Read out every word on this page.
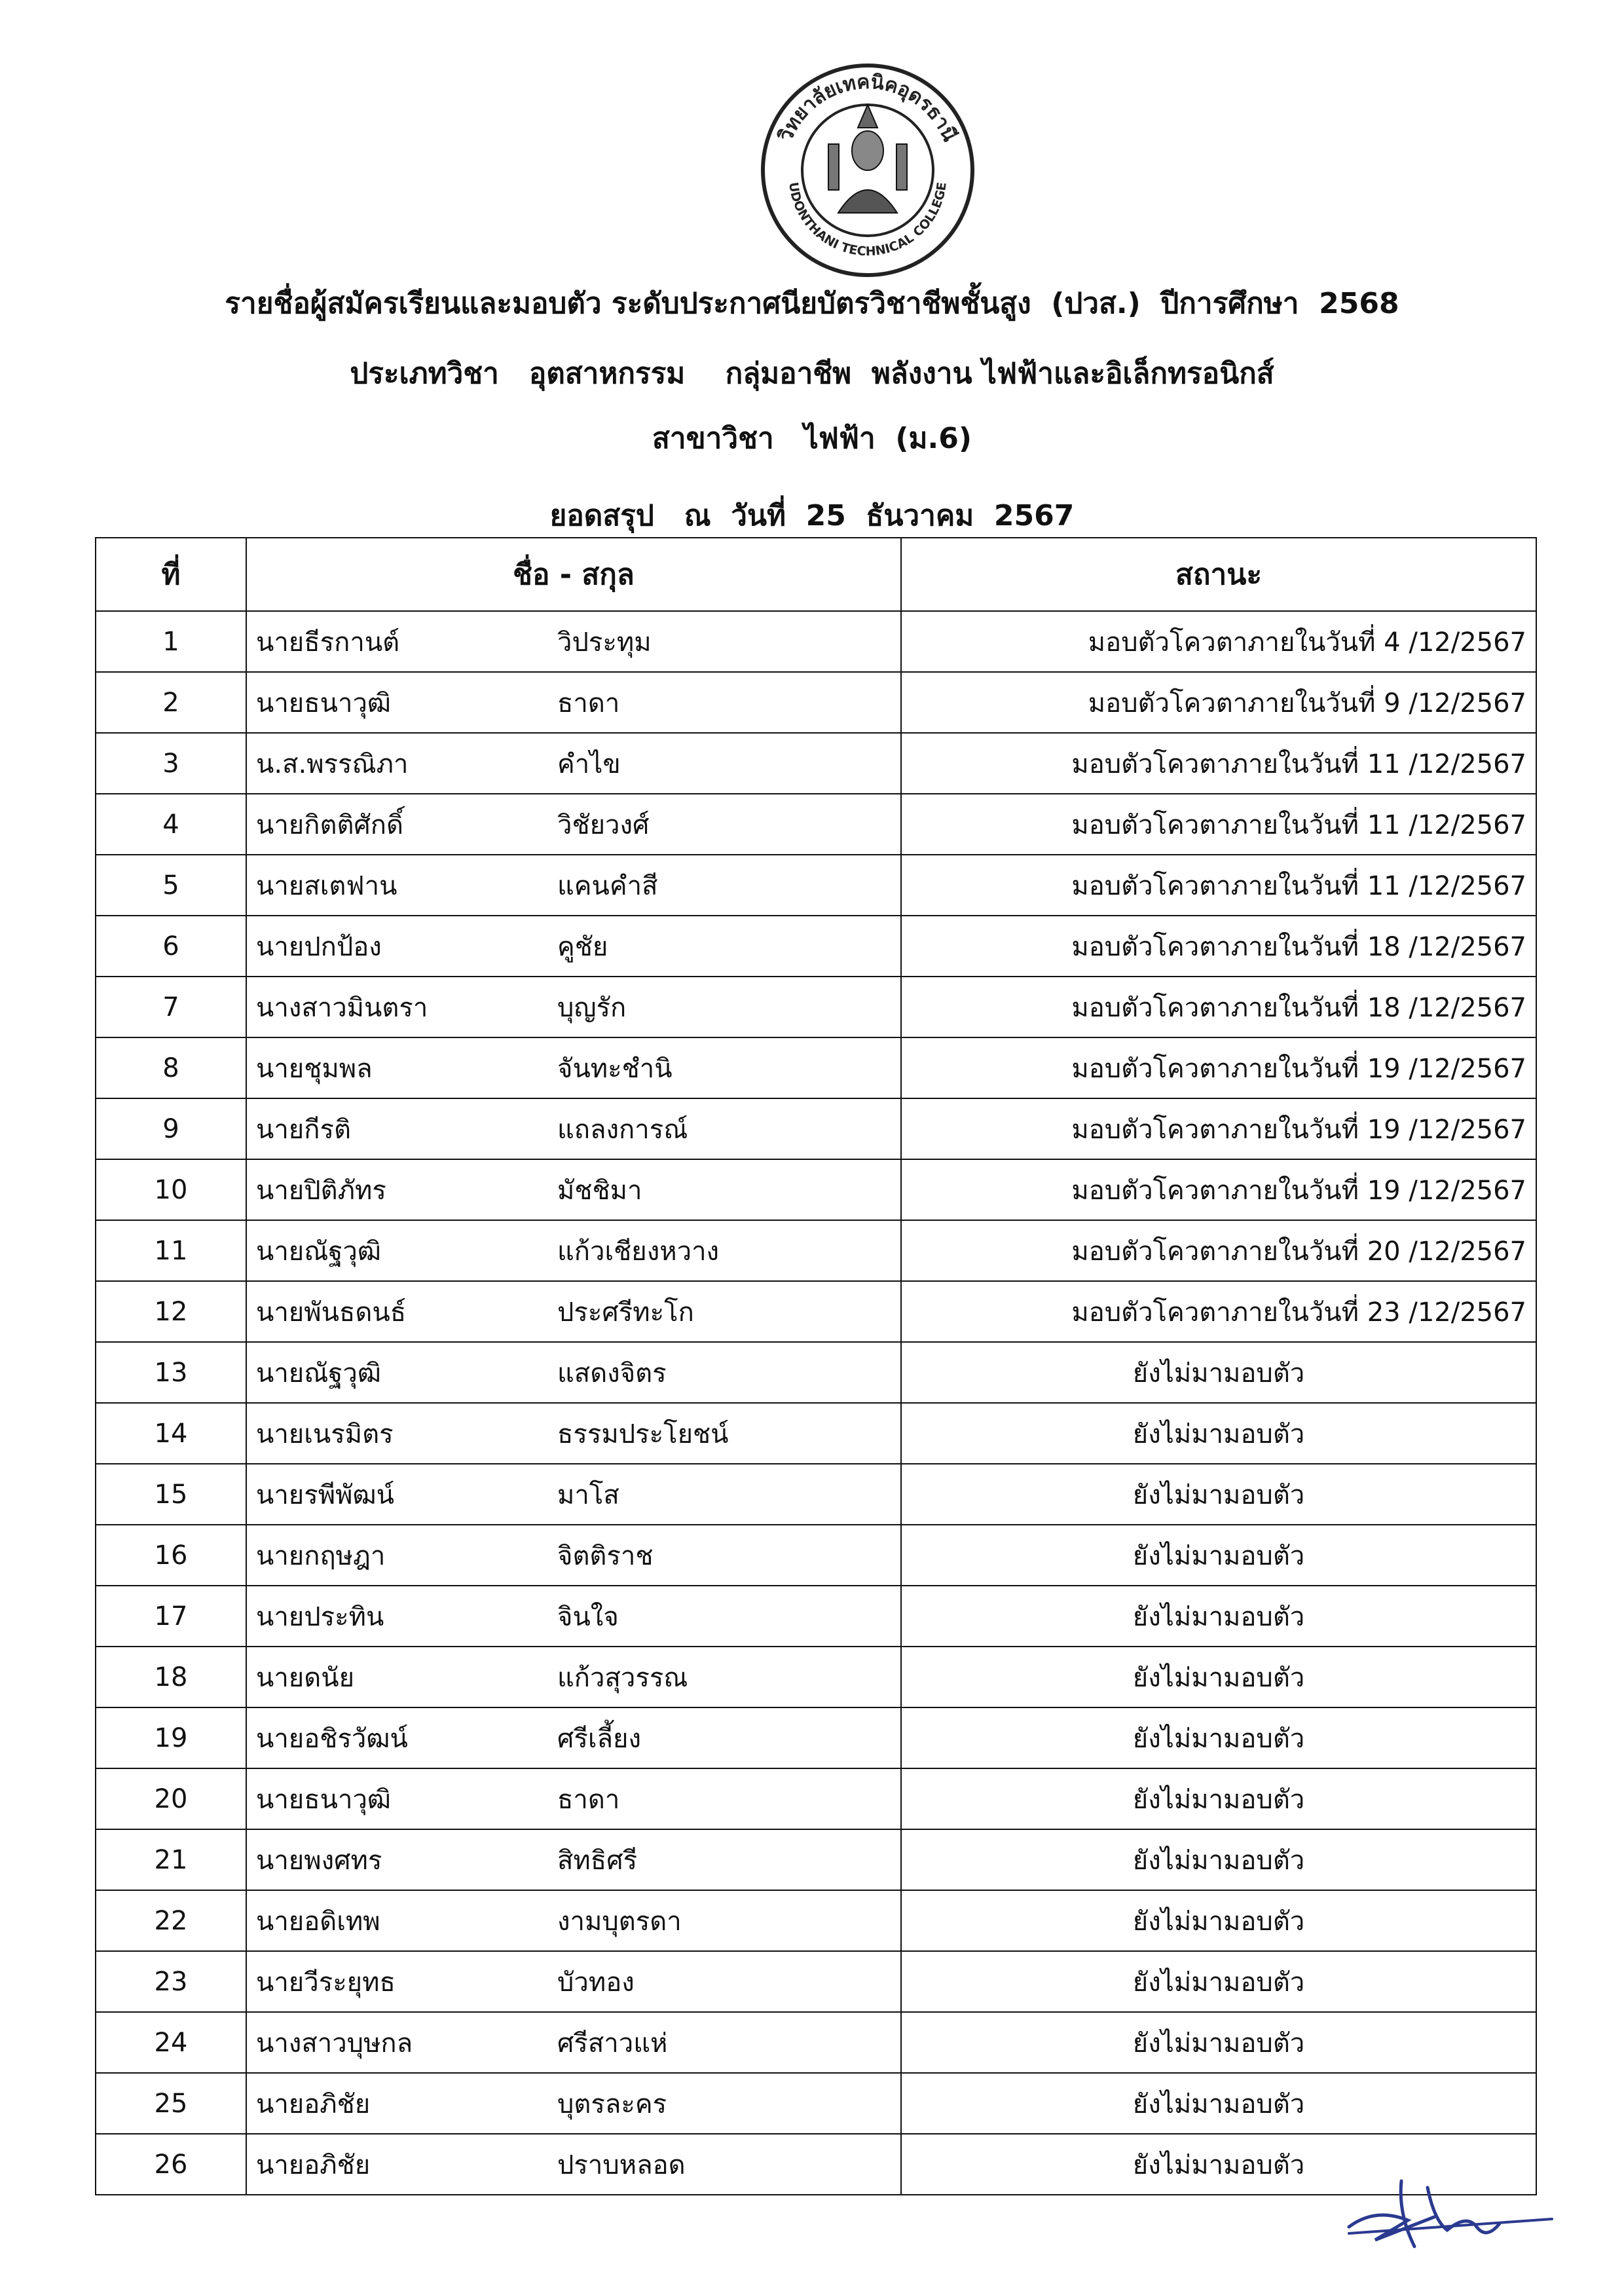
วิทยาลัยเทคนิคอุดรธานี
UDONTHANI TECHNICAL COLLEGE
รายชื่อผู้สมัครเรียนและมอบตัว ระดับประกาศนียบัตรวิชาชีพชั้นสูง  (ปวส.)  ปีการศึกษา  2568
ประเภทวิชา   อุตสาหกรรม    กลุ่มอาชีพ  พลังงาน ไฟฟ้าและอิเล็กทรอนิกส์
สาขาวิชา   ไฟฟ้า  (ม.6)
ยอดสรุป   ณ  วันที่  25  ธันวาคม  2567
ที่	ชื่อ - สกุล	สถานะ
1	นายธีรกานต์ วิประทุม	มอบตัวโควตาภายในวันที่ 4 /12/2567
2	นายธนาวุฒิ ธาดา	มอบตัวโควตาภายในวันที่ 9 /12/2567
3	น.ส.พรรณิภา คำไข	มอบตัวโควตาภายในวันที่ 11 /12/2567
4	นายกิตติศักดิ์ วิชัยวงศ์	มอบตัวโควตาภายในวันที่ 11 /12/2567
5	นายสเตฟาน แคนคำสี	มอบตัวโควตาภายในวันที่ 11 /12/2567
6	นายปกป้อง คูชัย	มอบตัวโควตาภายในวันที่ 18 /12/2567
7	นางสาวมินตรา บุญรัก	มอบตัวโควตาภายในวันที่ 18 /12/2567
8	นายชุมพล จันทะชำนิ	มอบตัวโควตาภายในวันที่ 19 /12/2567
9	นายกีรติ แถลงการณ์	มอบตัวโควตาภายในวันที่ 19 /12/2567
10	นายปิติภัทร มัชชิมา	มอบตัวโควตาภายในวันที่ 19 /12/2567
11	นายณัฐวุฒิ แก้วเชียงหวาง	มอบตัวโควตาภายในวันที่ 20 /12/2567
12	นายพันธดนธ์ ประศรีทะโก	มอบตัวโควตาภายในวันที่ 23 /12/2567
13	นายณัฐวุฒิ แสดงจิตร	ยังไม่มามอบตัว
14	นายเนรมิตร ธรรมประโยชน์	ยังไม่มามอบตัว
15	นายรพีพัฒน์ มาโส	ยังไม่มามอบตัว
16	นายกฤษฎา จิตติราช	ยังไม่มามอบตัว
17	นายประทิน จินใจ	ยังไม่มามอบตัว
18	นายดนัย แก้วสุวรรณ	ยังไม่มามอบตัว
19	นายอชิรวัฒน์ ศรีเลี้ยง	ยังไม่มามอบตัว
20	นายธนาวุฒิ ธาดา	ยังไม่มามอบตัว
21	นายพงศทร สิทธิศรี	ยังไม่มามอบตัว
22	นายอดิเทพ งามบุตรดา	ยังไม่มามอบตัว
23	นายวีระยุทธ บัวทอง	ยังไม่มามอบตัว
24	นางสาวบุษกล ศรีสาวแห่	ยังไม่มามอบตัว
25	นายอภิชัย บุตรละคร	ยังไม่มามอบตัว
26	นายอภิชัย ปราบหลอด	ยังไม่มามอบตัว
